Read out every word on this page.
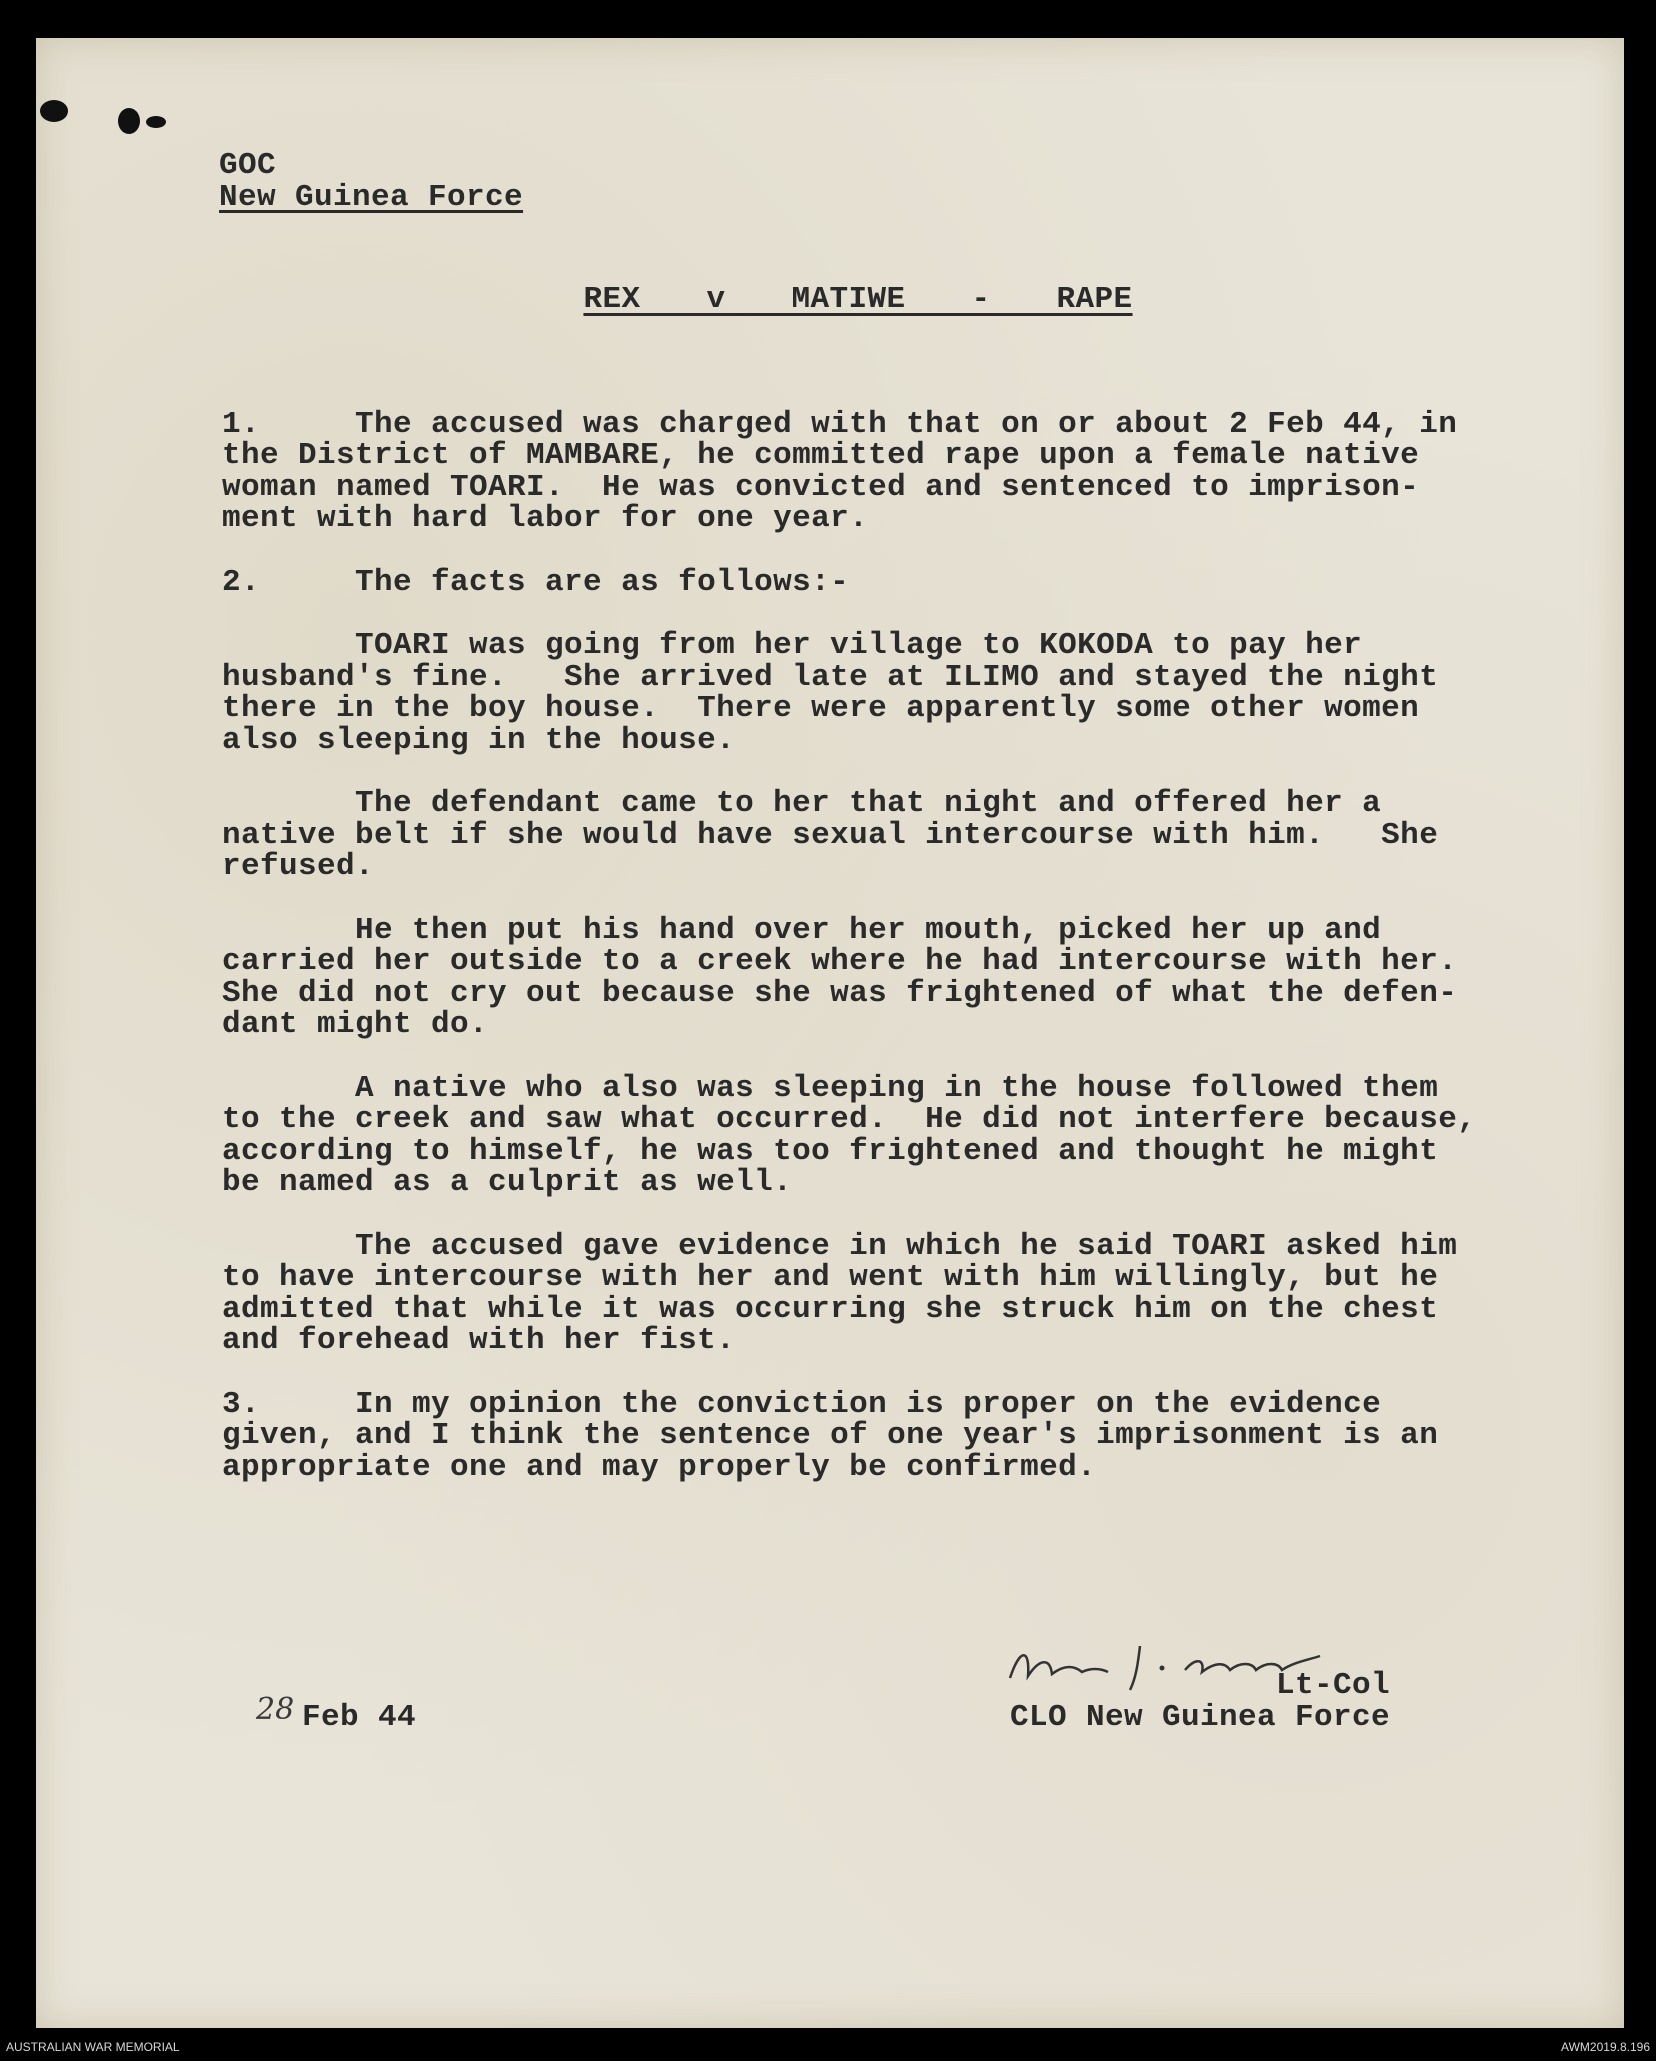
GOC
New Guinea Force
REX  v  MATIWE  -  RAPE

1.     The accused was charged with that on or about 2 Feb 44, in
the District of MAMBARE, he committed rape upon a female native
woman named TOARI.  He was convicted and sentenced to imprison-
ment with hard labor for one year.
2.     The facts are as follows:-
TOARI was going from her village to KOKODA to pay her
husband's fine.   She arrived late at ILIMO and stayed the night
there in the boy house.  There were apparently some other women
also sleeping in the house.
The defendant came to her that night and offered her a
native belt if she would have sexual intercourse with him.   She
refused.
He then put his hand over her mouth, picked her up and
carried her outside to a creek where he had intercourse with her.
She did not cry out because she was frightened of what the defen-
dant might do.
A native who also was sleeping in the house followed them
to the creek and saw what occurred.  He did not interfere because,
according to himself, he was too frightened and thought he might
be named as a culprit as well.
The accused gave evidence in which he said TOARI asked him
to have intercourse with her and went with him willingly, but he
admitted that while it was occurring she struck him on the chest
and forehead with her fist.
3.     In my opinion the conviction is proper on the evidence
given, and I think the sentence of one year's imprisonment is an
appropriate one and may properly be confirmed.

28 Feb 44
Lt-Col
CLO New Guinea Force
AUSTRALIAN WAR MEMORIAL	AWM2019.8.196
